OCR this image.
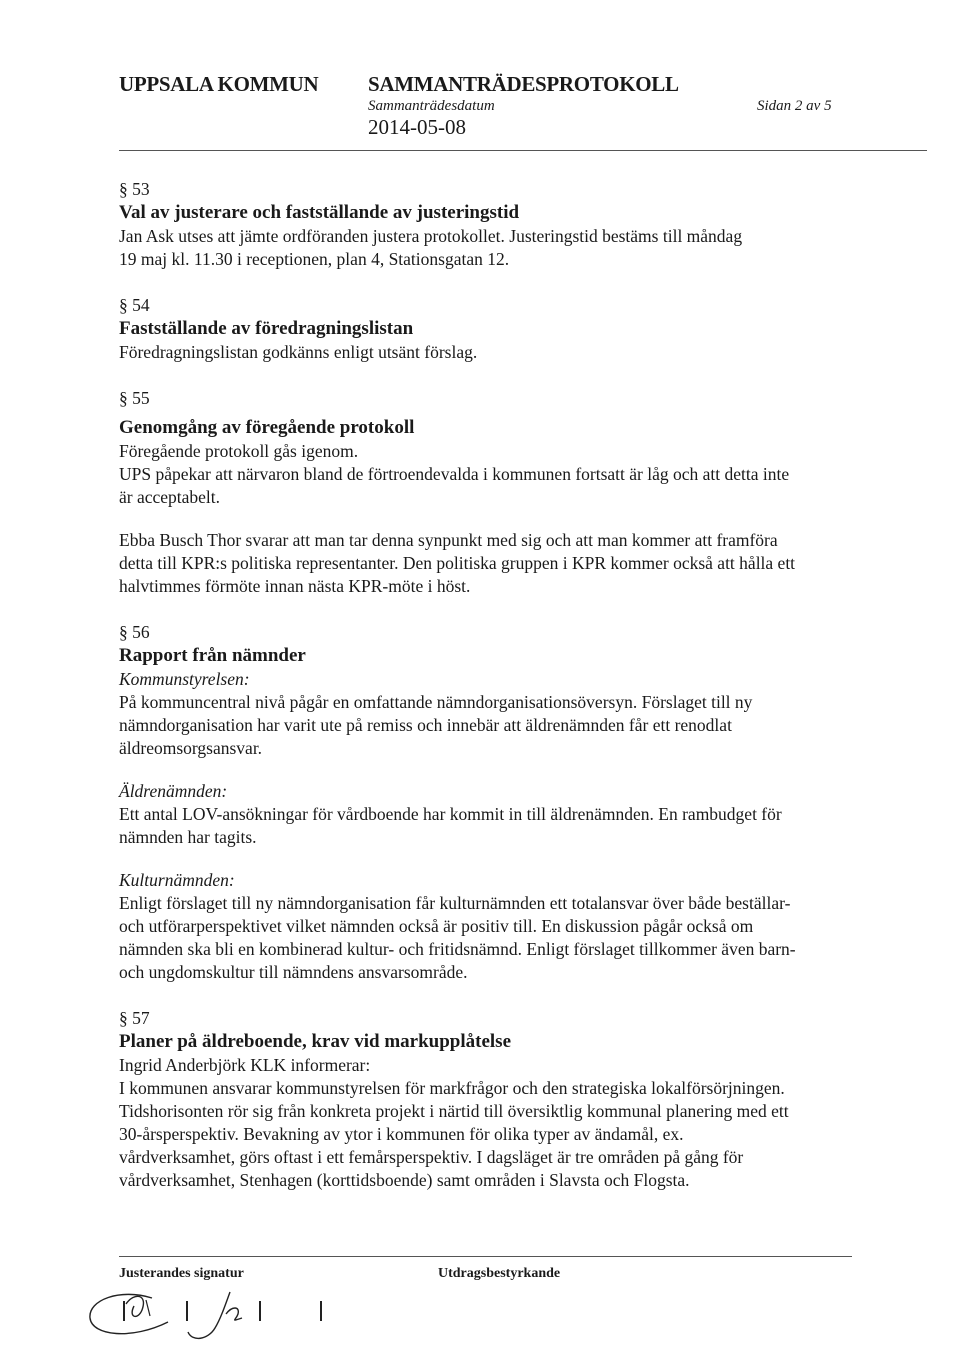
UPPSALA KOMMUN SAMMANTRÄDESPROTOKOLL
Sammanträdesdatum
2014-05-08
Sidan 2 av 5
§ 53
Val av justerare och fastställande av justeringstid

Jan Ask utses att jämte ordföranden justera protokollet. Justeringstid bestäms till måndag

19 maj kl. 11.30 i receptionen, plan 4, Stationsgatan 12.

§ 54
Fastställande av föredragningslistan

Föredragningslistan godkänns enligt utsänt förslag.

§ 55
Genomgång av föregående protokoll

Föregående protokoll gås igenom.

UPS påpekar att närvaron bland de förtroendevalda i kommunen fortsatt är låg och att detta inte

är acceptabelt.

Ebba Busch Thor svarar att man tar denna synpunkt med sig och att man kommer att framföra

detta till KPR:s politiska representanter. Den politiska gruppen i KPR kommer också att hålla ett

halvtimmes förmöte innan nästa KPR-möte i höst.

§ 56
Rapport från nämnder

Kommunstyrelsen:

På kommuncentral nivå pågår en omfattande nämndorganisationsöversyn. Förslaget till ny

nämndorganisation har varit ute på remiss och innebär att äldrenämnden får ett renodlat

äldreomsorgsansvar.

Äldrenämnden:

Ett antal LOV-ansökningar för vårdboende har kommit in till äldrenämnden. En rambudget för

nämnden har tagits.

Kulturnämnden:

Enligt förslaget till ny nämndorganisation får kulturnämnden ett totalansvar över både beställar-

och utförarperspektivet vilket nämnden också är positiv till. En diskussion pågår också om

nämnden ska bli en kombinerad kultur- och fritidsnämnd. Enligt förslaget tillkommer även barn-

och ungdomskultur till nämndens ansvarsområde.

§ 57
Planer på äldreboende, krav vid markupplåtelse

Ingrid Anderbjörk KLK informerar:

I kommunen ansvarar kommunstyrelsen för markfrågor och den strategiska lokalförsörjningen.

Tidshorisonten rör sig från konkreta projekt i närtid till översiktlig kommunal planering med ett

30-årsperspektiv. Bevakning av ytor i kommunen för olika typer av ändamål, ex.

vårdverksamhet, görs oftast i ett femårsperspektiv. I dagsläget är tre områden på gång för

vårdverksamhet, Stenhagen (korttidsboende) samt områden i Slavsta och Flogsta.

Justerandes signatur	Utdragsbestyrkande
